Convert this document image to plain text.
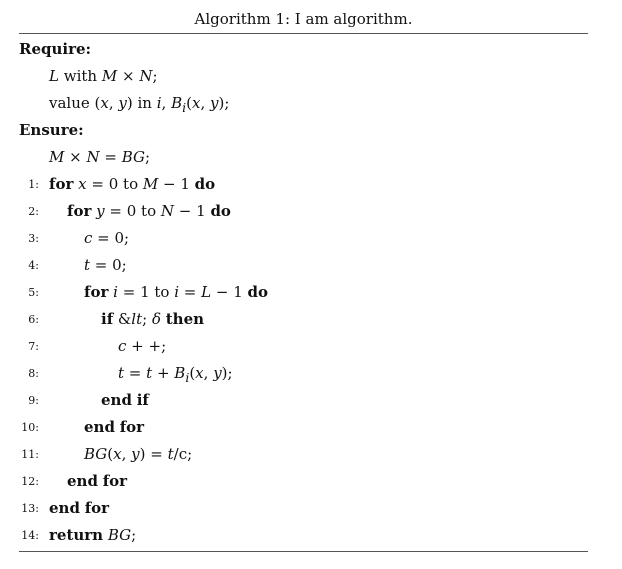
Algorithm 1: I am algorithm.
Require:
L with M × N;
value (x, y) in i, $B_i(x$, y);
Ensure:
M × N = BG;
1: for x = 0 to M − 1 do
2: for y = 0 to N − 1 do
3:	c = 0;
4:	t = 0;
5:	for i = 1 to i = L − 1 do
6:	if &lt; δ then
7:	c + +;
8:	$t = t + B_i(x$, y);
9:	end if
10:	end for
11:	BG(x, y) = t/c;
12: end for
13: end for
14: return BG;
